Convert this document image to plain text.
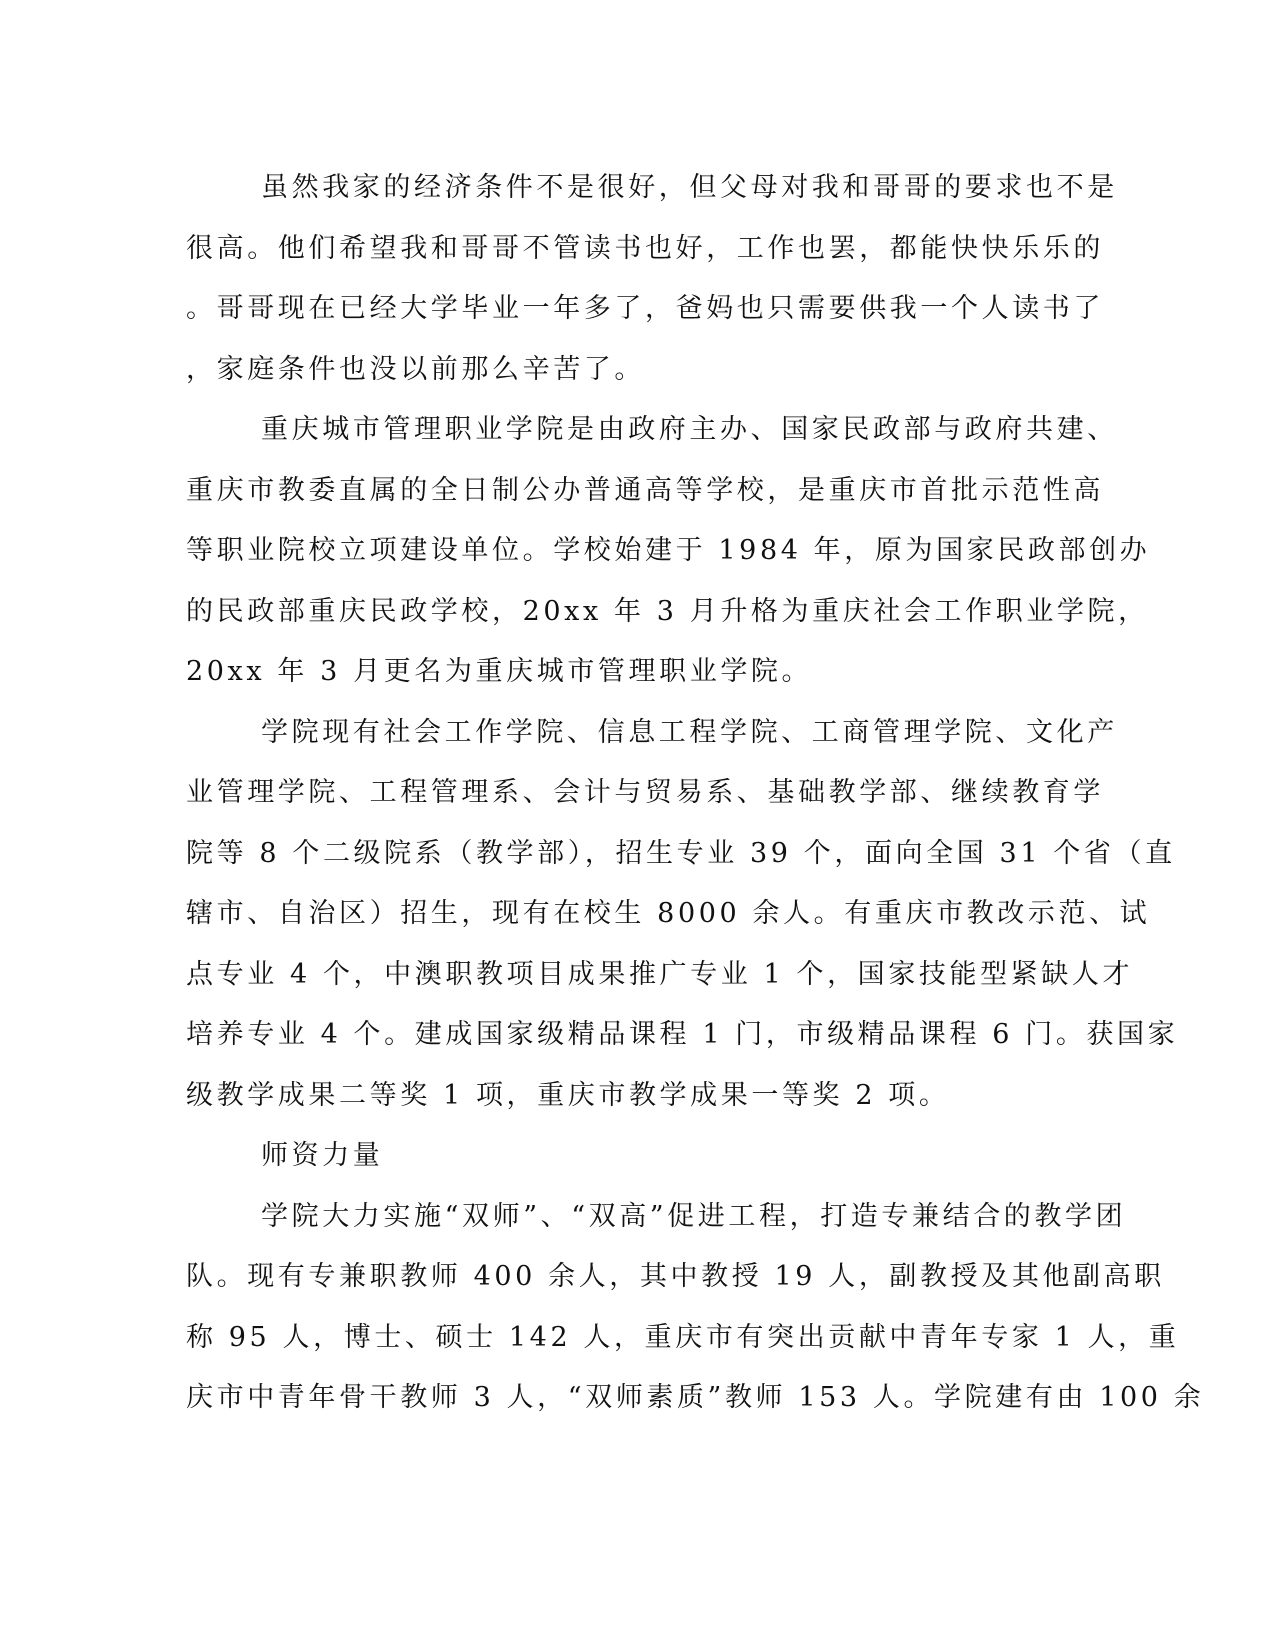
虽然我家的经济条件不是很好，但父母对我和哥哥的要求也不是

很高。他们希望我和哥哥不管读书也好，工作也罢，都能快快乐乐的

。哥哥现在已经大学毕业一年多了，爸妈也只需要供我一个人读书了

，家庭条件也没以前那么辛苦了。

重庆城市管理职业学院是由政府主办、国家民政部与政府共建、

重庆市教委直属的全日制公办普通高等学校，是重庆市首批示范性高

等职业院校立项建设单位。学校始建于 1984 年，原为国家民政部创办

的民政部重庆民政学校，20xx 年 3 月升格为重庆社会工作职业学院，

20xx 年 3 月更名为重庆城市管理职业学院。

学院现有社会工作学院、信息工程学院、工商管理学院、文化产

业管理学院、工程管理系、会计与贸易系、基础教学部、继续教育学

院等 8 个二级院系（教学部），招生专业 39 个，面向全国 31 个省（直

辖市、自治区）招生，现有在校生 8000 余人。有重庆市教改示范、试

点专业 4 个，中澳职教项目成果推广专业 1 个，国家技能型紧缺人才

培养专业 4 个。建成国家级精品课程 1 门，市级精品课程 6 门。获国家

级教学成果二等奖 1 项，重庆市教学成果一等奖 2 项。

师资力量

学院大力实施“双师”、“双高”促进工程，打造专兼结合的教学团

队。现有专兼职教师 400 余人，其中教授 19 人，副教授及其他副高职

称 95 人，博士、硕士 142 人，重庆市有突出贡献中青年专家 1 人，重

庆市中青年骨干教师 3 人，“双师素质”教师 153 人。学院建有由 100 余
